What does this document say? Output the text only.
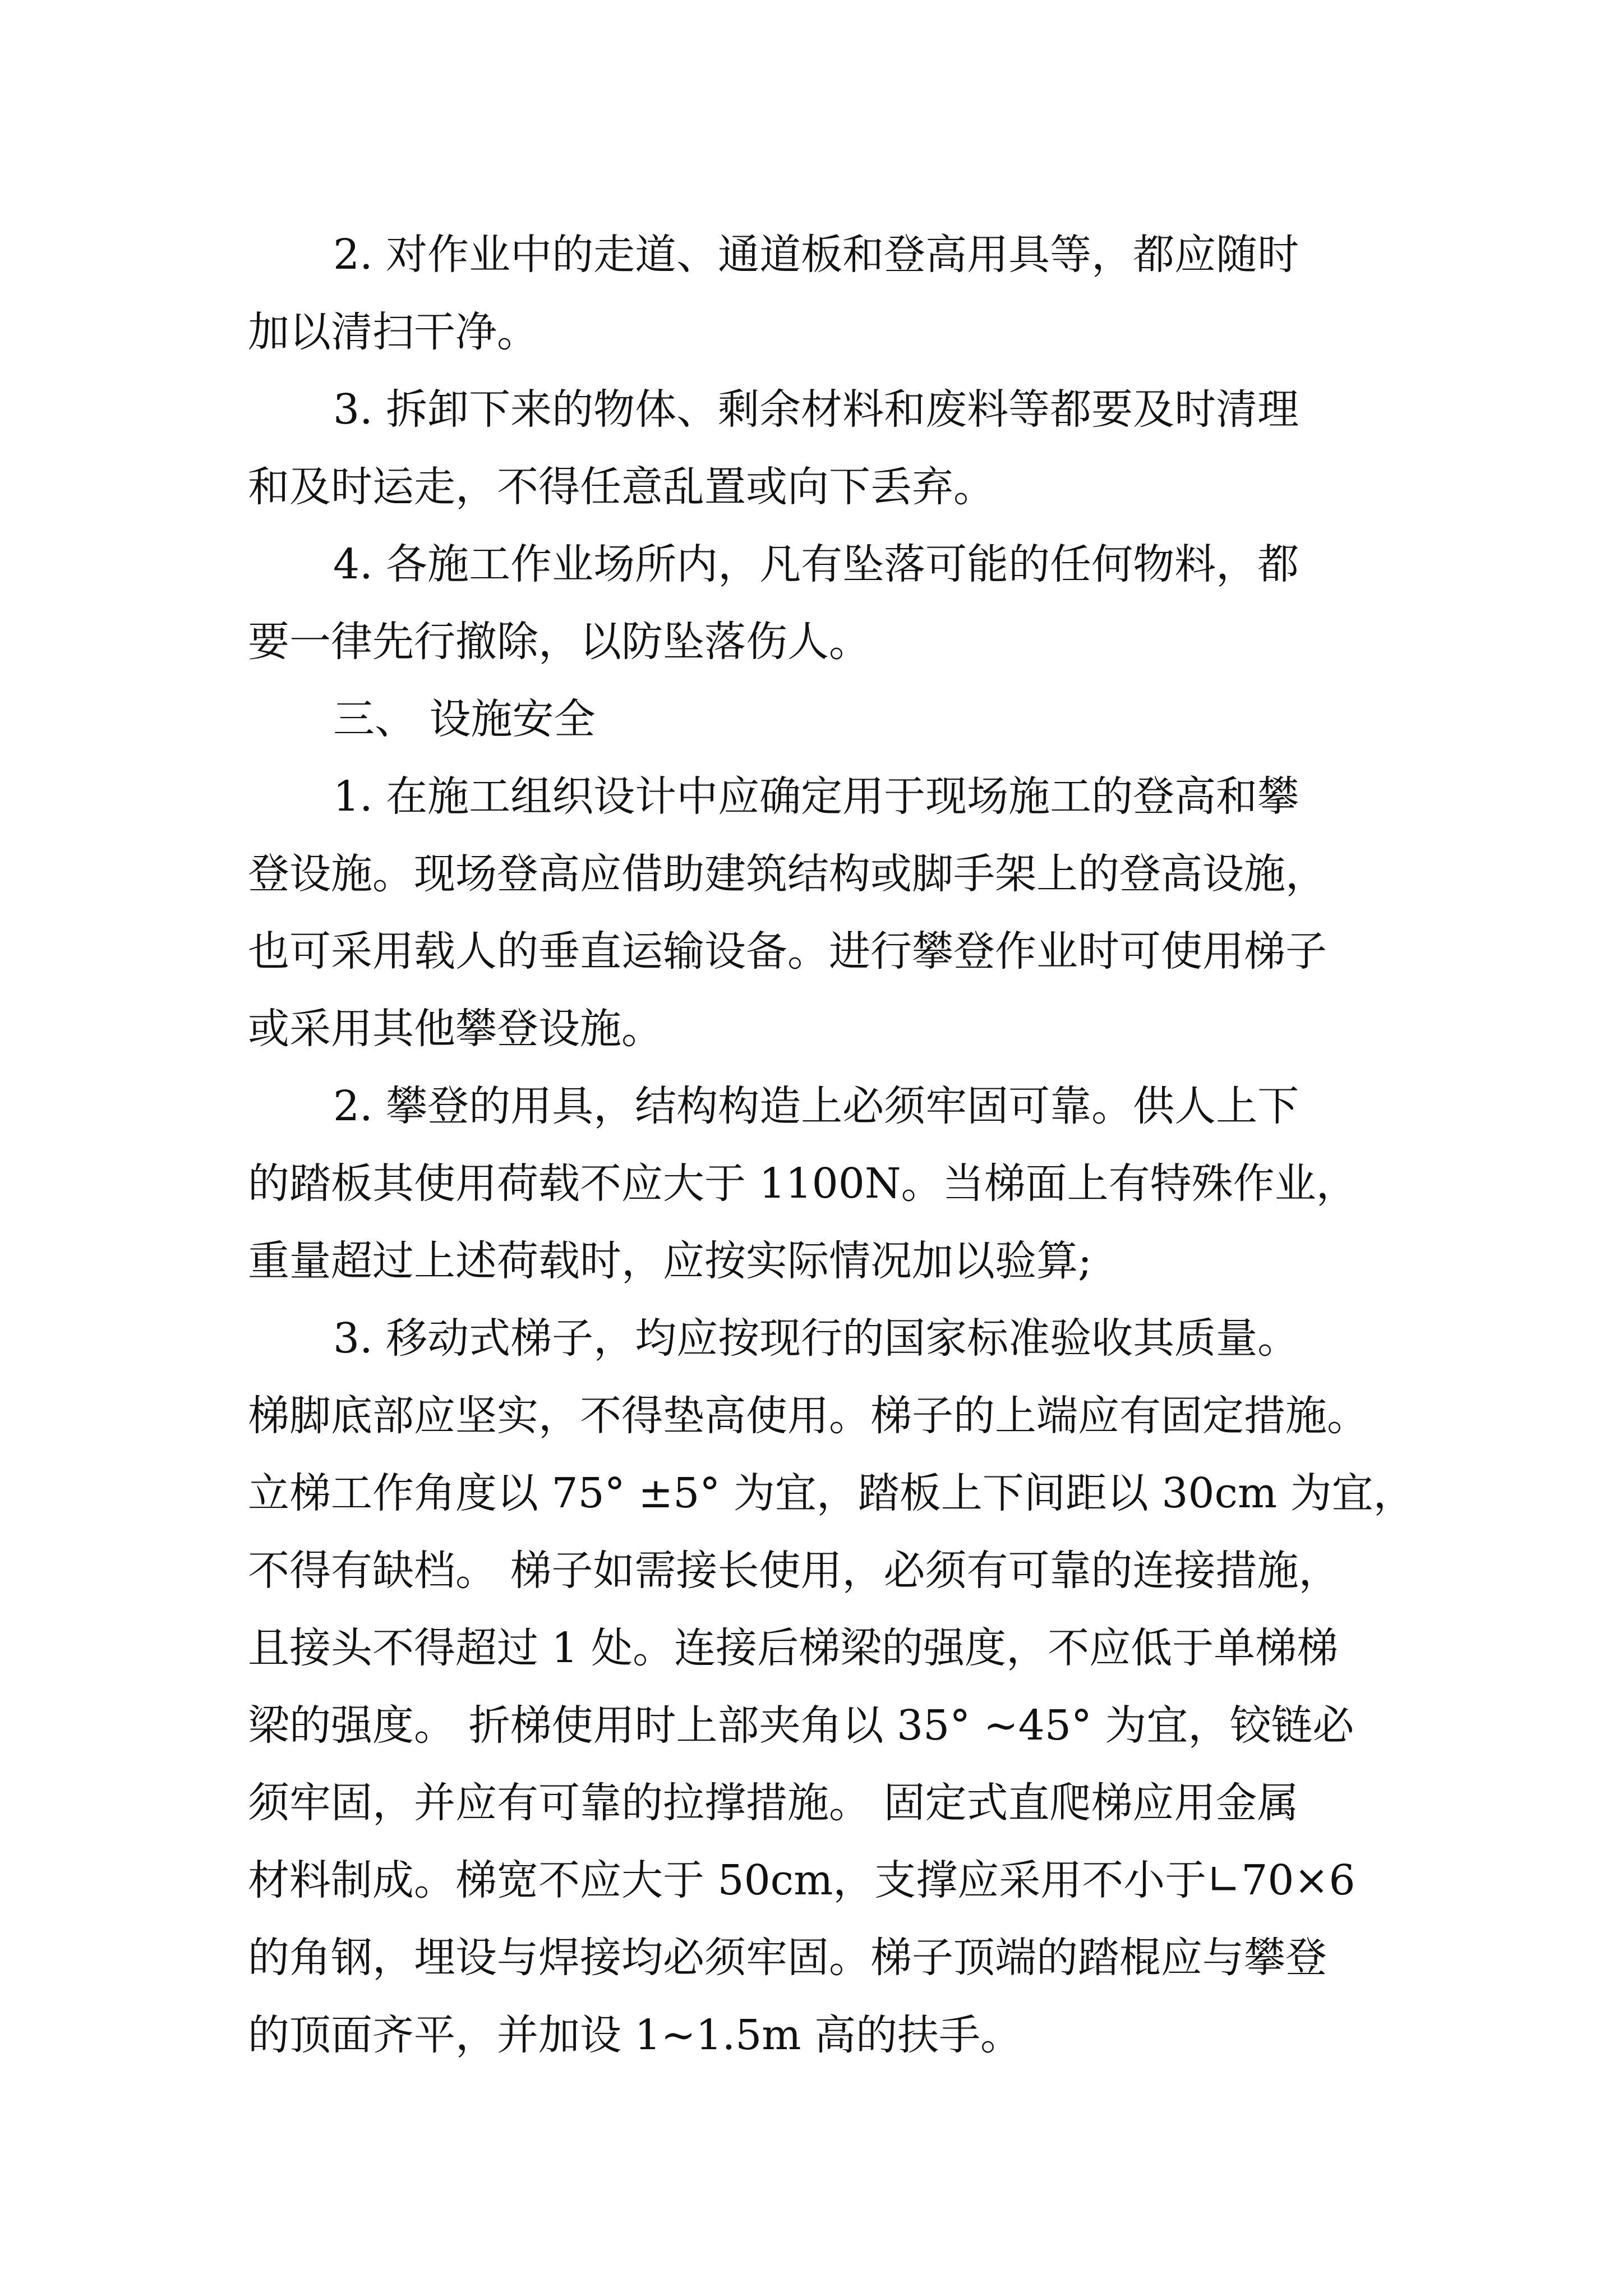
2. 对作业中的走道、通道板和登高用具等，都应随时
加以清扫干净。

3. 拆卸下来的物体、剩余材料和废料等都要及时清理
和及时运走，不得任意乱置或向下丢弃。

4. 各施工作业场所内，凡有坠落可能的任何物料，都
要一律先行撤除，以防坠落伤人。

三、 设施安全

1. 在施工组织设计中应确定用于现场施工的登高和攀
登设施。现场登高应借助建筑结构或脚手架上的登高设施，
也可采用载人的垂直运输设备。进行攀登作业时可使用梯子
或采用其他攀登设施。

2. 攀登的用具，结构构造上必须牢固可靠。供人上下
的踏板其使用荷载不应大于 1100N。当梯面上有特殊作业，
重量超过上述荷载时，应按实际情况加以验算;

3. 移动式梯子，均应按现行的国家标准验收其质量。
梯脚底部应坚实，不得垫高使用。梯子的上端应有固定措施。
立梯工作角度以 75° ±5° 为宜，踏板上下间距以 30cm 为宜，
不得有缺档。 梯子如需接长使用，必须有可靠的连接措施，
且接头不得超过 1 处。连接后梯梁的强度，不应低于单梯梯
梁的强度。 折梯使用时上部夹角以 35° ~45° 为宜，铰链必
须牢固，并应有可靠的拉撑措施。 固定式直爬梯应用金属
材料制成。梯宽不应大于 50cm，支撑应采用不小于∟70×6
的角钢，埋设与焊接均必须牢固。梯子顶端的踏棍应与攀登
的顶面齐平，并加设 1~1.5m 高的扶手。
